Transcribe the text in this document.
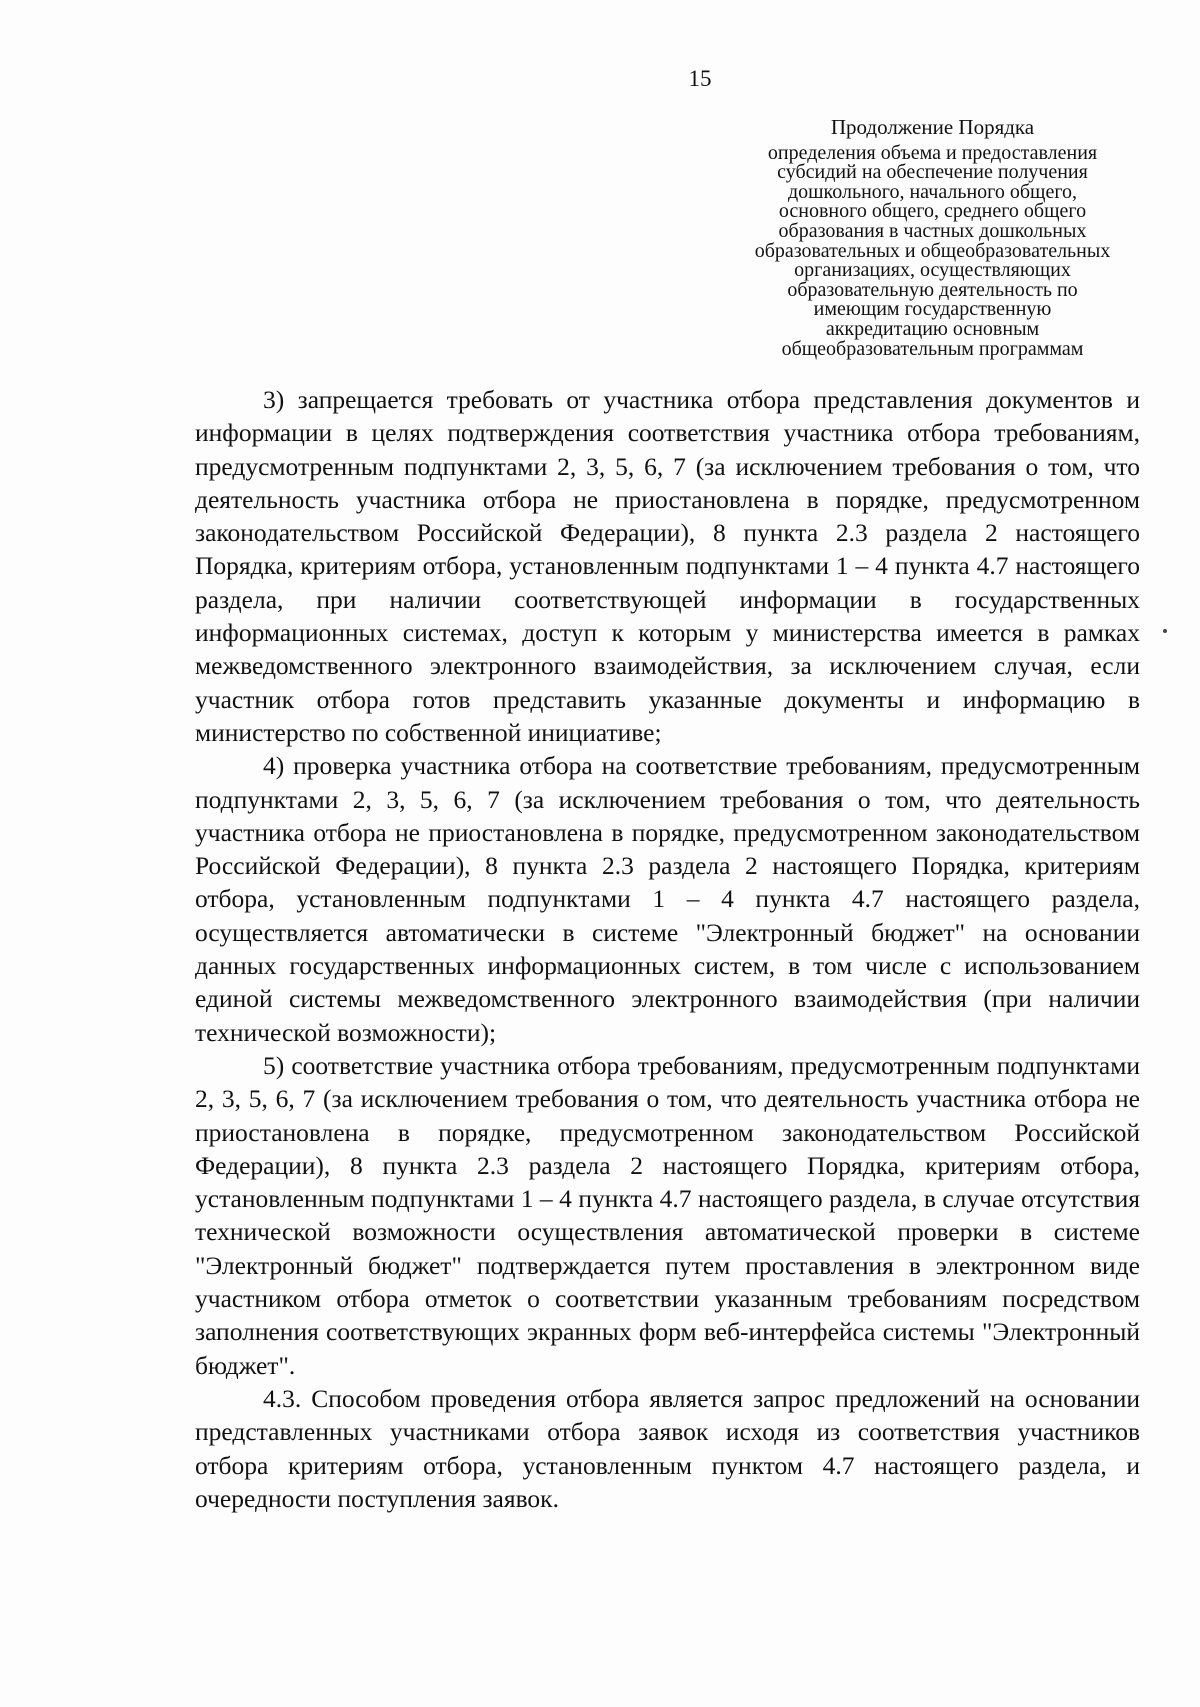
15
Продолжение Порядка
определения объема и предоставления
субсидий на обеспечение получения
дошкольного, начального общего,
основного общего, среднего общего
образования в частных дошкольных
образовательных и общеобразовательных
организациях, осуществляющих
образовательную деятельность по
имеющим государственную
аккредитацию основным
общеобразовательным программам

3) запрещается требовать от участника отбора представления документов и информации в целях подтверждения соответствия участника отбора требованиям, предусмотренным подпунктами 2, 3, 5, 6, 7 (за исключением требования о том, что деятельность участника отбора не приостановлена в порядке, предусмотренном законодательством Российской Федерации), 8 пункта 2.3 раздела 2 настоящего Порядка, критериям отбора, установленным подпунктами 1 – 4 пункта 4.7 настоящего раздела, при наличии соответствующей информации в государственных информационных системах, доступ к которым у министерства имеется в рамках межведомственного электронного взаимодействия, за исключением случая, если участник отбора готов представить указанные документы и информацию в министерство по собственной инициативе;

4) проверка участника отбора на соответствие требованиям, предусмотренным подпунктами 2, 3, 5, 6, 7 (за исключением требования о том, что деятельность участника отбора не приостановлена в порядке, предусмотренном законодательством Российской Федерации), 8 пункта 2.3 раздела 2 настоящего Порядка, критериям отбора, установленным подпунктами 1 – 4 пункта 4.7 настоящего раздела, осуществляется автоматически в системе "Электронный бюджет" на основании данных государственных информационных систем, в том числе с использованием единой системы межведомственного электронного взаимодействия (при наличии технической возможности);

5) соответствие участника отбора требованиям, предусмотренным подпунктами 2, 3, 5, 6, 7 (за исключением требования о том, что деятельность участника отбора не приостановлена в порядке, предусмотренном законодательством Российской Федерации), 8 пункта 2.3 раздела 2 настоящего Порядка, критериям отбора, установленным подпунктами 1 – 4 пункта 4.7 настоящего раздела, в случае отсутствия технической возможности осуществления автоматической проверки в системе "Электронный бюджет" подтверждается путем проставления в электронном виде участником отбора отметок о соответствии указанным требованиям посредством заполнения соответствующих экранных форм веб-интерфейса системы "Электронный бюджет".

4.3. Способом проведения отбора является запрос предложений на основании представленных участниками отбора заявок исходя из соответствия участников отбора критериям отбора, установленным пунктом 4.7 настоящего раздела, и очередности поступления заявок.
